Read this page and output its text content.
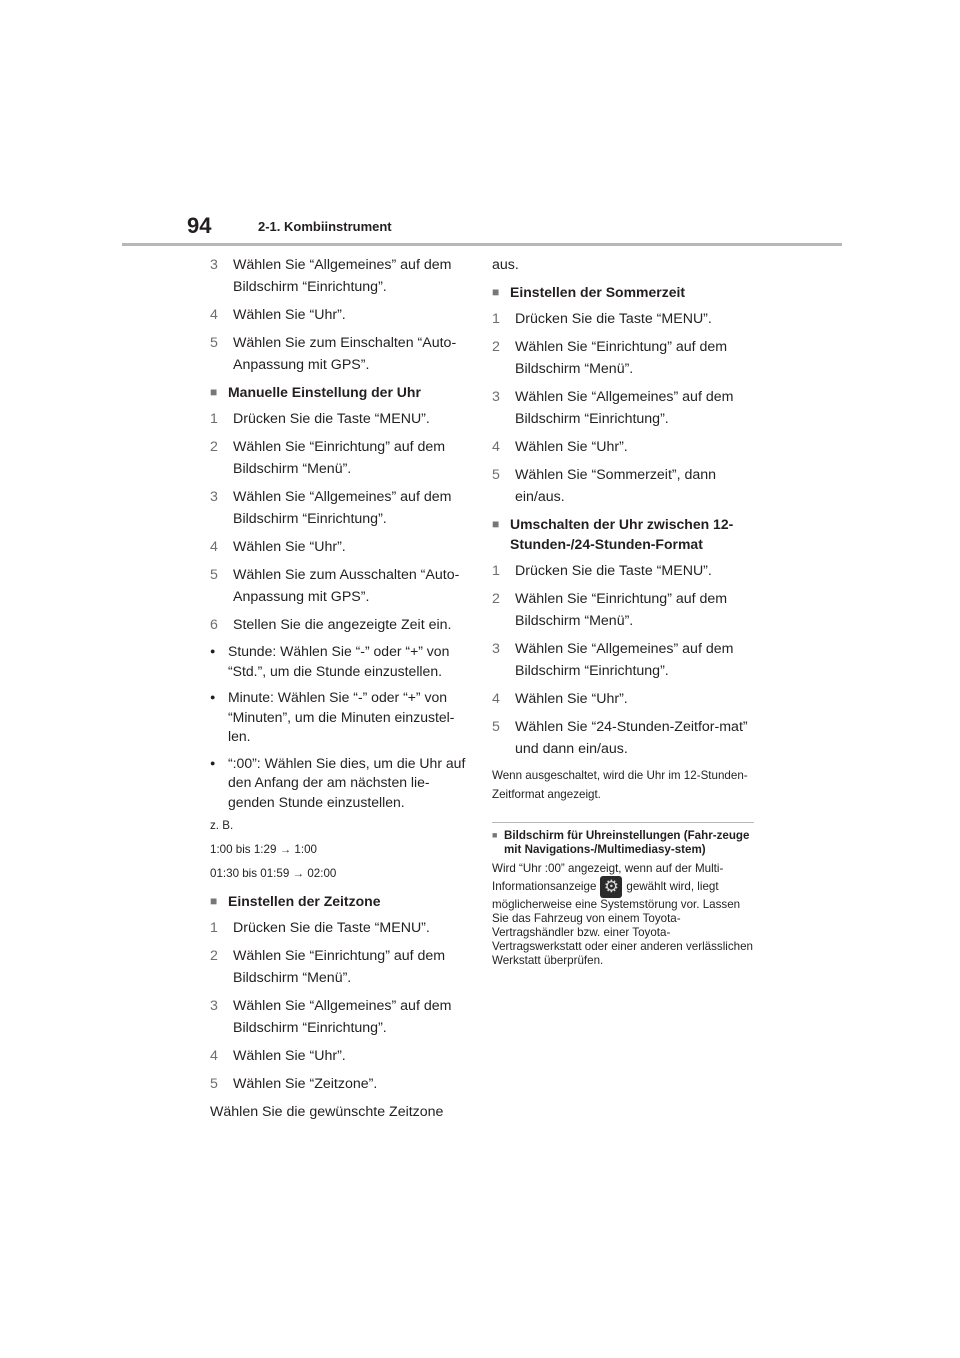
94	2-1. Kombiinstrument
3	Wählen Sie “Allgemeines” auf dem Bildschirm “Einrichtung”.
4	Wählen Sie “Uhr”.
5	Wählen Sie zum Einschalten “Auto-Anpassung mit GPS”.
■ Manuelle Einstellung der Uhr
1	Drücken Sie die Taste “MENU”.
2	Wählen Sie “Einrichtung” auf dem Bildschirm “Menü”.
3	Wählen Sie “Allgemeines” auf dem Bildschirm “Einrichtung”.
4	Wählen Sie “Uhr”.
5	Wählen Sie zum Ausschalten “Auto-Anpassung mit GPS”.
6	Stellen Sie die angezeigte Zeit ein.
● Stunde: Wählen Sie “-” oder “+” von “Std.”, um die Stunde einzustellen.
● Minute: Wählen Sie “-” oder “+” von “Minuten”, um die Minuten einzustel-len.
● “:00”: Wählen Sie dies, um die Uhr auf den Anfang der am nächsten lie-genden Stunde einzustellen.
z. B.
1:00 bis 1:29 → 1:00
01:30 bis 01:59 → 02:00
■ Einstellen der Zeitzone
1	Drücken Sie die Taste “MENU”.
2	Wählen Sie “Einrichtung” auf dem Bildschirm “Menü”.
3	Wählen Sie “Allgemeines” auf dem Bildschirm “Einrichtung”.
4	Wählen Sie “Uhr”.
5	Wählen Sie “Zeitzone”.
Wählen Sie die gewünschte Zeitzone
aus.
■ Einstellen der Sommerzeit
1	Drücken Sie die Taste “MENU”.
2	Wählen Sie “Einrichtung” auf dem Bildschirm “Menü”.
3	Wählen Sie “Allgemeines” auf dem Bildschirm “Einrichtung”.
4	Wählen Sie “Uhr”.
5	Wählen Sie “Sommerzeit”, dann ein/aus.
■ Umschalten der Uhr zwischen 12-Stunden-/24-Stunden-Format
1	Drücken Sie die Taste “MENU”.
2	Wählen Sie “Einrichtung” auf dem Bildschirm “Menü”.
3	Wählen Sie “Allgemeines” auf dem Bildschirm “Einrichtung”.
4	Wählen Sie “Uhr”.
5	Wählen Sie “24-Stunden-Zeitfor-mat” und dann ein/aus.
Wenn ausgeschaltet, wird die Uhr im 12-Stunden-Zeitformat angezeigt.
■ Bildschirm für Uhreinstellungen (Fahr-zeuge mit Navigations-/Multimediasy-stem)
Wird “Uhr :00” angezeigt, wenn auf der Multi-Informationsanzeige ⚙ gewählt wird, liegt möglicherweise eine Systemstörung vor. Lassen Sie das Fahrzeug von einem Toyota-Vertragshändler bzw. einer Toyota-Vertragswerkstatt oder einer anderen verlässlichen Werkstatt überprüfen.
